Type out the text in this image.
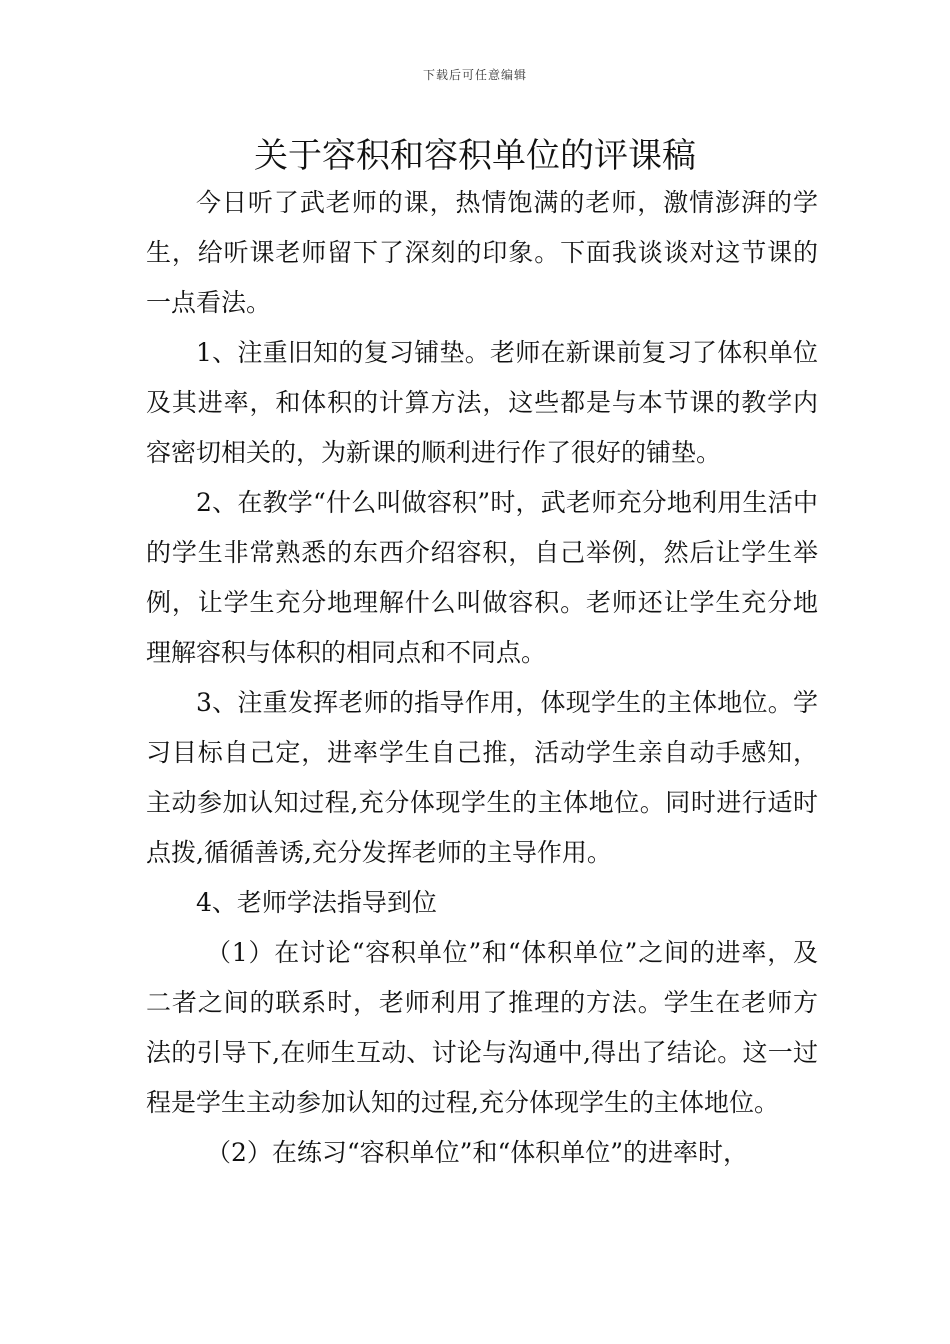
下载后可任意编辑
关于容积和容积单位的评课稿

今日听了武老师的课，热情饱满的老师，激情澎湃的学生，给听课老师留下了深刻的印象。下面我谈谈对这节课的一点看法。

1、注重旧知的复习铺垫。老师在新课前复习了体积单位及其进率，和体积的计算方法，这些都是与本节课的教学内容密切相关的，为新课的顺利进行作了很好的铺垫。

2、在教学“什么叫做容积”时，武老师充分地利用生活中的学生非常熟悉的东西介绍容积，自己举例，然后让学生举例，让学生充分地理解什么叫做容积。老师还让学生充分地理解容积与体积的相同点和不同点。

3、注重发挥老师的指导作用，体现学生的主体地位。学习目标自己定，进率学生自己推，活动学生亲自动手感知，主动参加认知过程,充分体现学生的主体地位。同时进行适时点拨,循循善诱,充分发挥老师的主导作用。

4、老师学法指导到位

（1）在讨论“容积单位”和“体积单位”之间的进率，及二者之间的联系时，老师利用了推理的方法。学生在老师方法的引导下,在师生互动、讨论与沟通中,得出了结论。这一过程是学生主动参加认知的过程,充分体现学生的主体地位。

（2）在练习“容积单位”和“体积单位”的进率时，
